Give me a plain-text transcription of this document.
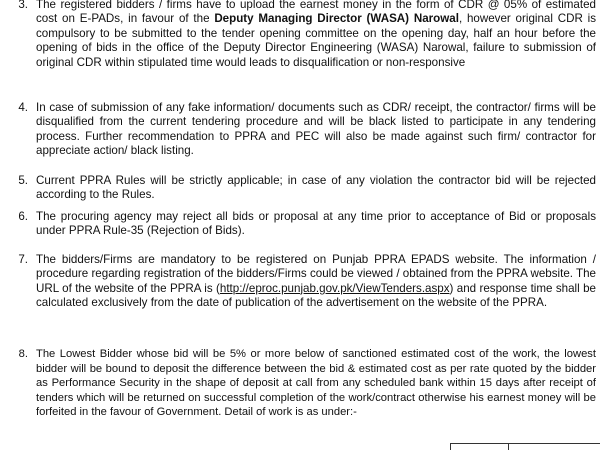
3. The registered bidders / firms have to upload the earnest money in the form of CDR @ 05% of estimated cost on E-PADs, in favour of the Deputy Managing Director (WASA) Narowal, however original CDR is compulsory to be submitted to the tender opening committee on the opening day, half an hour before the opening of bids in the office of the Deputy Director Engineering (WASA) Narowal, failure to submission of original CDR within stipulated time would leads to disqualification or non-responsive
4. In case of submission of any fake information/ documents such as CDR/ receipt, the contractor/ firms will be disqualified from the current tendering procedure and will be black listed to participate in any tendering process. Further recommendation to PPRA and PEC will also be made against such firm/ contractor for appreciate action/ black listing.
5. Current PPRA Rules will be strictly applicable; in case of any violation the contractor bid will be rejected according to the Rules.
6. The procuring agency may reject all bids or proposal at any time prior to acceptance of Bid or proposals under PPRA Rule-35 (Rejection of Bids).
7. The bidders/Firms are mandatory to be registered on Punjab PPRA EPADS website. The information / procedure regarding registration of the bidders/Firms could be viewed / obtained from the PPRA website. The URL of the website of the PPRA is (http://eproc.punjab.gov.pk/ViewTenders.aspx) and response time shall be calculated exclusively from the date of publication of the advertisement on the website of the PPRA.
8. The Lowest Bidder whose bid will be 5% or more below of sanctioned estimated cost of the work, the lowest bidder will be bound to deposit the difference between the bid & estimated cost as per rate quoted by the bidder as Performance Security in the shape of deposit at call from any scheduled bank within 15 days after receipt of tenders which will be returned on successful completion of the work/contract otherwise his earnest money will be forfeited in the favour of Government. Detail of work is as under:-
